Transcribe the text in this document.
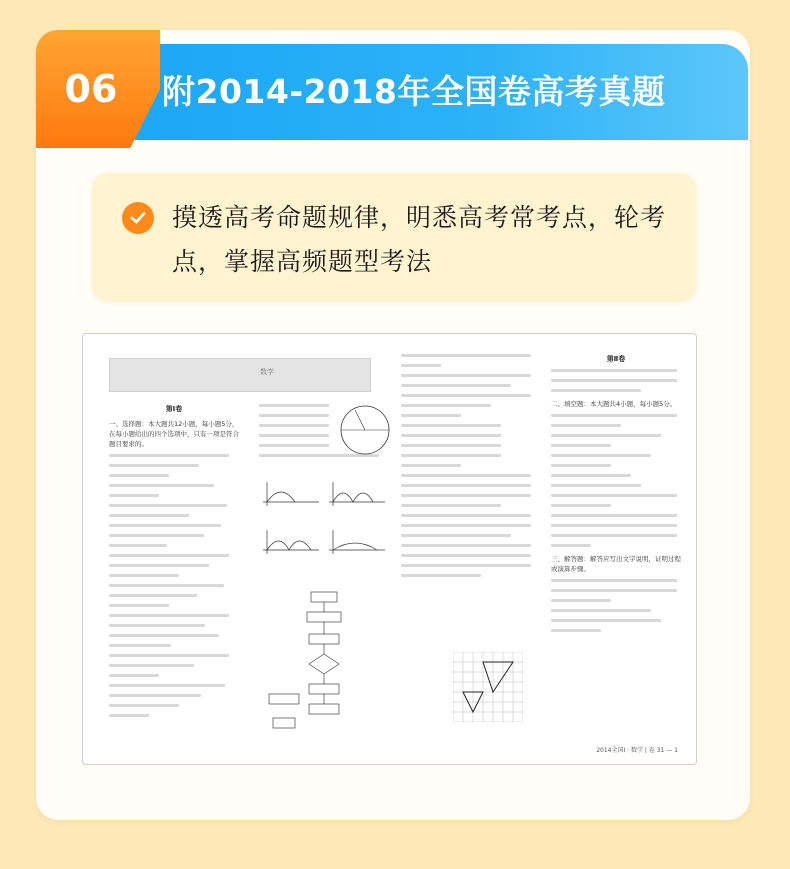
附2014-2018年全国卷高考真题
06
摸透高考命题规律，明悉高考常考点，轮考点，掌握高频题型考法
数学
第Ⅰ卷
一、选择题：本大题共12小题，每小题5分，在每小题给出的四个选项中，只有一项是符合题目要求的。
第Ⅱ卷
二、填空题：本大题共4小题，每小题5分。
三、解答题：解答应写出文字说明，证明过程或演算步骤。
2014全国Ⅰ · 数学 | 卷 31 — 1
